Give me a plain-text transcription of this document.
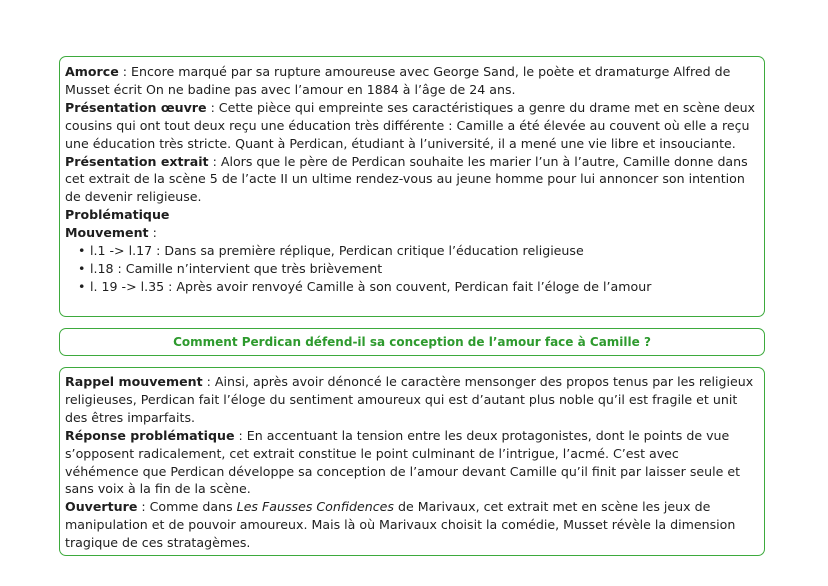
Amorce : Encore marqué par sa rupture amoureuse avec George Sand, le poète et dramaturge Alfred de Musset écrit On ne badine pas avec l’amour en 1884 à l’âge de 24 ans.

Présentation œuvre : Cette pièce qui empreinte ses caractéristiques a genre du drame met en scène deux cousins qui ont tout deux reçu une éducation très différente : Camille a été élevée au couvent où elle a reçu une éducation très stricte. Quant à Perdican, étudiant à l’université, il a mené une vie libre et insouciante.

Présentation extrait : Alors que le père de Perdican souhaite les marier l’un à l’autre, Camille donne dans cet extrait de la scène 5 de l’acte II un ultime rendez-vous au jeune homme pour lui annoncer son intention de devenir religieuse.

Problématique

Mouvement :

• l.1 -> l.17 : Dans sa première réplique, Perdican critique l’éducation religieuse
• l.18 : Camille n’intervient que très brièvement
• l. 19 -> l.35 : Après avoir renvoyé Camille à son couvent, Perdican fait l’éloge de l’amour
Comment Perdican défend-il sa conception de l’amour face à Camille ?

Rappel mouvement : Ainsi, après avoir dénoncé le caractère mensonger des propos tenus par les religieux religieuses, Perdican fait l’éloge du sentiment amoureux qui est d’autant plus noble qu’il est fragile et unit des êtres imparfaits.

Réponse problématique : En accentuant la tension entre les deux protagonistes, dont le points de vue s’opposent radicalement, cet extrait constitue le point culminant de l’intrigue, l’acmé. C’est avec véhémence que Perdican développe sa conception de l’amour devant Camille qu’il finit par laisser seule et sans voix à la fin de la scène.

Ouverture : Comme dans Les Fausses Confidences de Marivaux, cet extrait met en scène les jeux de manipulation et de pouvoir amoureux. Mais là où Marivaux choisit la comédie, Musset révèle la dimension tragique de ces stratagèmes.
